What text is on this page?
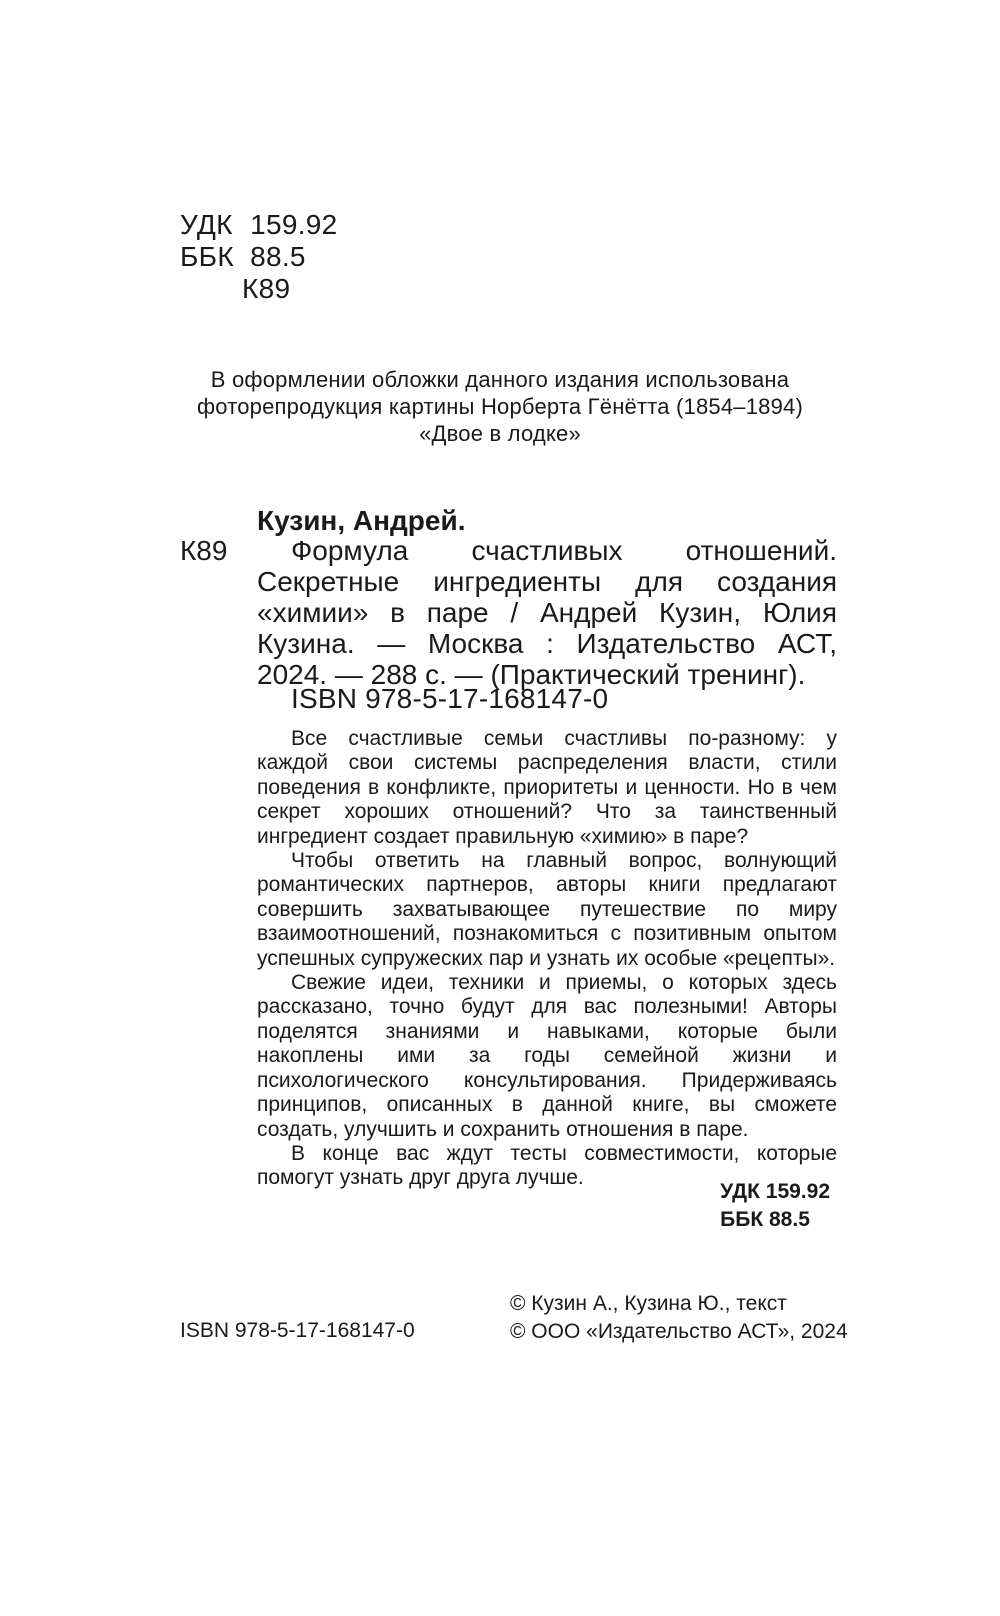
УДК 159.92
ББК 88.5
К89
В оформлении обложки данного издания использована
фоторепродукция картины Норберта Гёнётта (1854–1894)
«Двое в лодке»
Кузин, Андрей.
К89	Формула счастливых отношений. Секретные ингредиенты для создания «химии» в паре / Андрей Кузин, Юлия Кузина. — Москва : Издательство АСТ, 2024. — 288 с. — (Практический тренинг).

ISBN 978-5-17-168147-0

Все счастливые семьи счастливы по-разному: у каждой свои системы распределения власти, стили поведения в конфликте, приоритеты и ценности. Но в чем секрет хороших отношений? Что за таинственный ингредиент создает правильную «химию» в паре?

Чтобы ответить на главный вопрос, волнующий романтических партнеров, авторы книги предлагают совершить захватывающее путешествие по миру взаимоотношений, познакомиться с позитивным опытом успешных супружеских пар и узнать их особые «рецепты».

Свежие идеи, техники и приемы, о которых здесь рассказано, точно будут для вас полезными! Авторы поделятся знаниями и навыками, которые были накоплены ими за годы семейной жизни и психологического консультирования. Придерживаясь принципов, описанных в данной книге, вы сможете создать, улучшить и сохранить отношения в паре.

В конце вас ждут тесты совместимости, которые помогут узнать друг друга лучше.

УДК 159.92
ББК 88.5
ISBN 978-5-17-168147-0
© Кузин А., Кузина Ю., текст
© ООО «Издательство АСТ», 2024
